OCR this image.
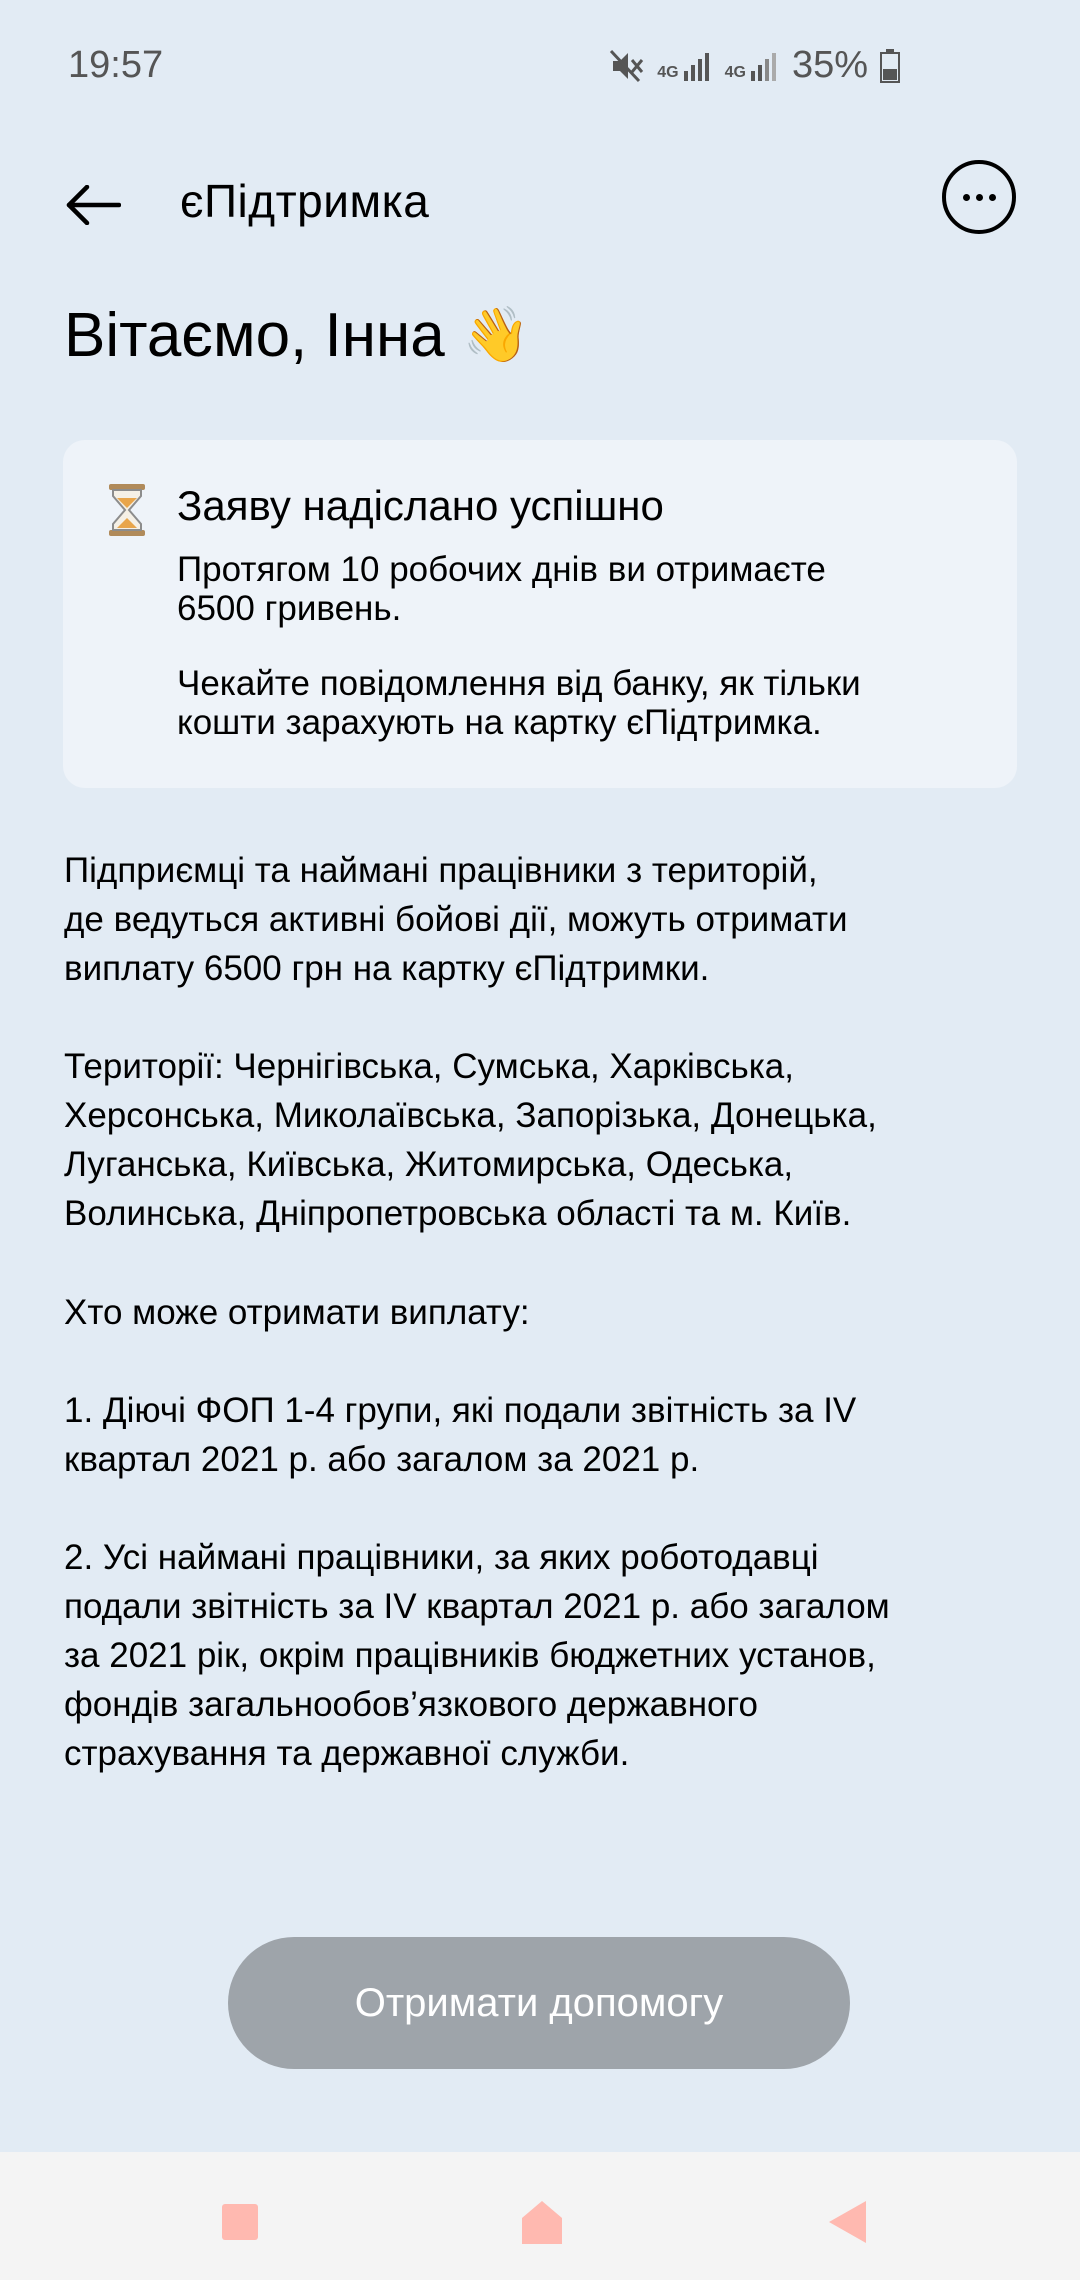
19:57	4G	4G 35%
єПідтримка
Вітаємо, Інна 👋
Заяву надіслано успішно
Протягом 10 робочих днів ви отримаєте
6500 гривень.
Чекайте повідомлення від банку, як тільки
кошти зарахують на картку єПідтримка.
Підприємці та наймані працівники з територій,
де ведуться активні бойові дії, можуть отримати
виплату 6500 грн на картку єПідтримки.
Території: Чернігівська, Сумська, Харківська,
Херсонська, Миколаївська, Запорізька, Донецька,
Луганська, Київська, Житомирська, Одеська,
Волинська, Дніпропетровська області та м. Київ.
Хто може отримати виплату:
1. Діючі ФОП 1-4 групи, які подали звітність за IV
квартал 2021 р. або загалом за 2021 р.
2. Усі наймані працівники, за яких роботодавці
подали звітність за IV квартал 2021 р. або загалом
за 2021 рік, окрім працівників бюджетних установ,
фондів загальнообов’язкового державного
страхування та державної служби.
Отримати допомогу
